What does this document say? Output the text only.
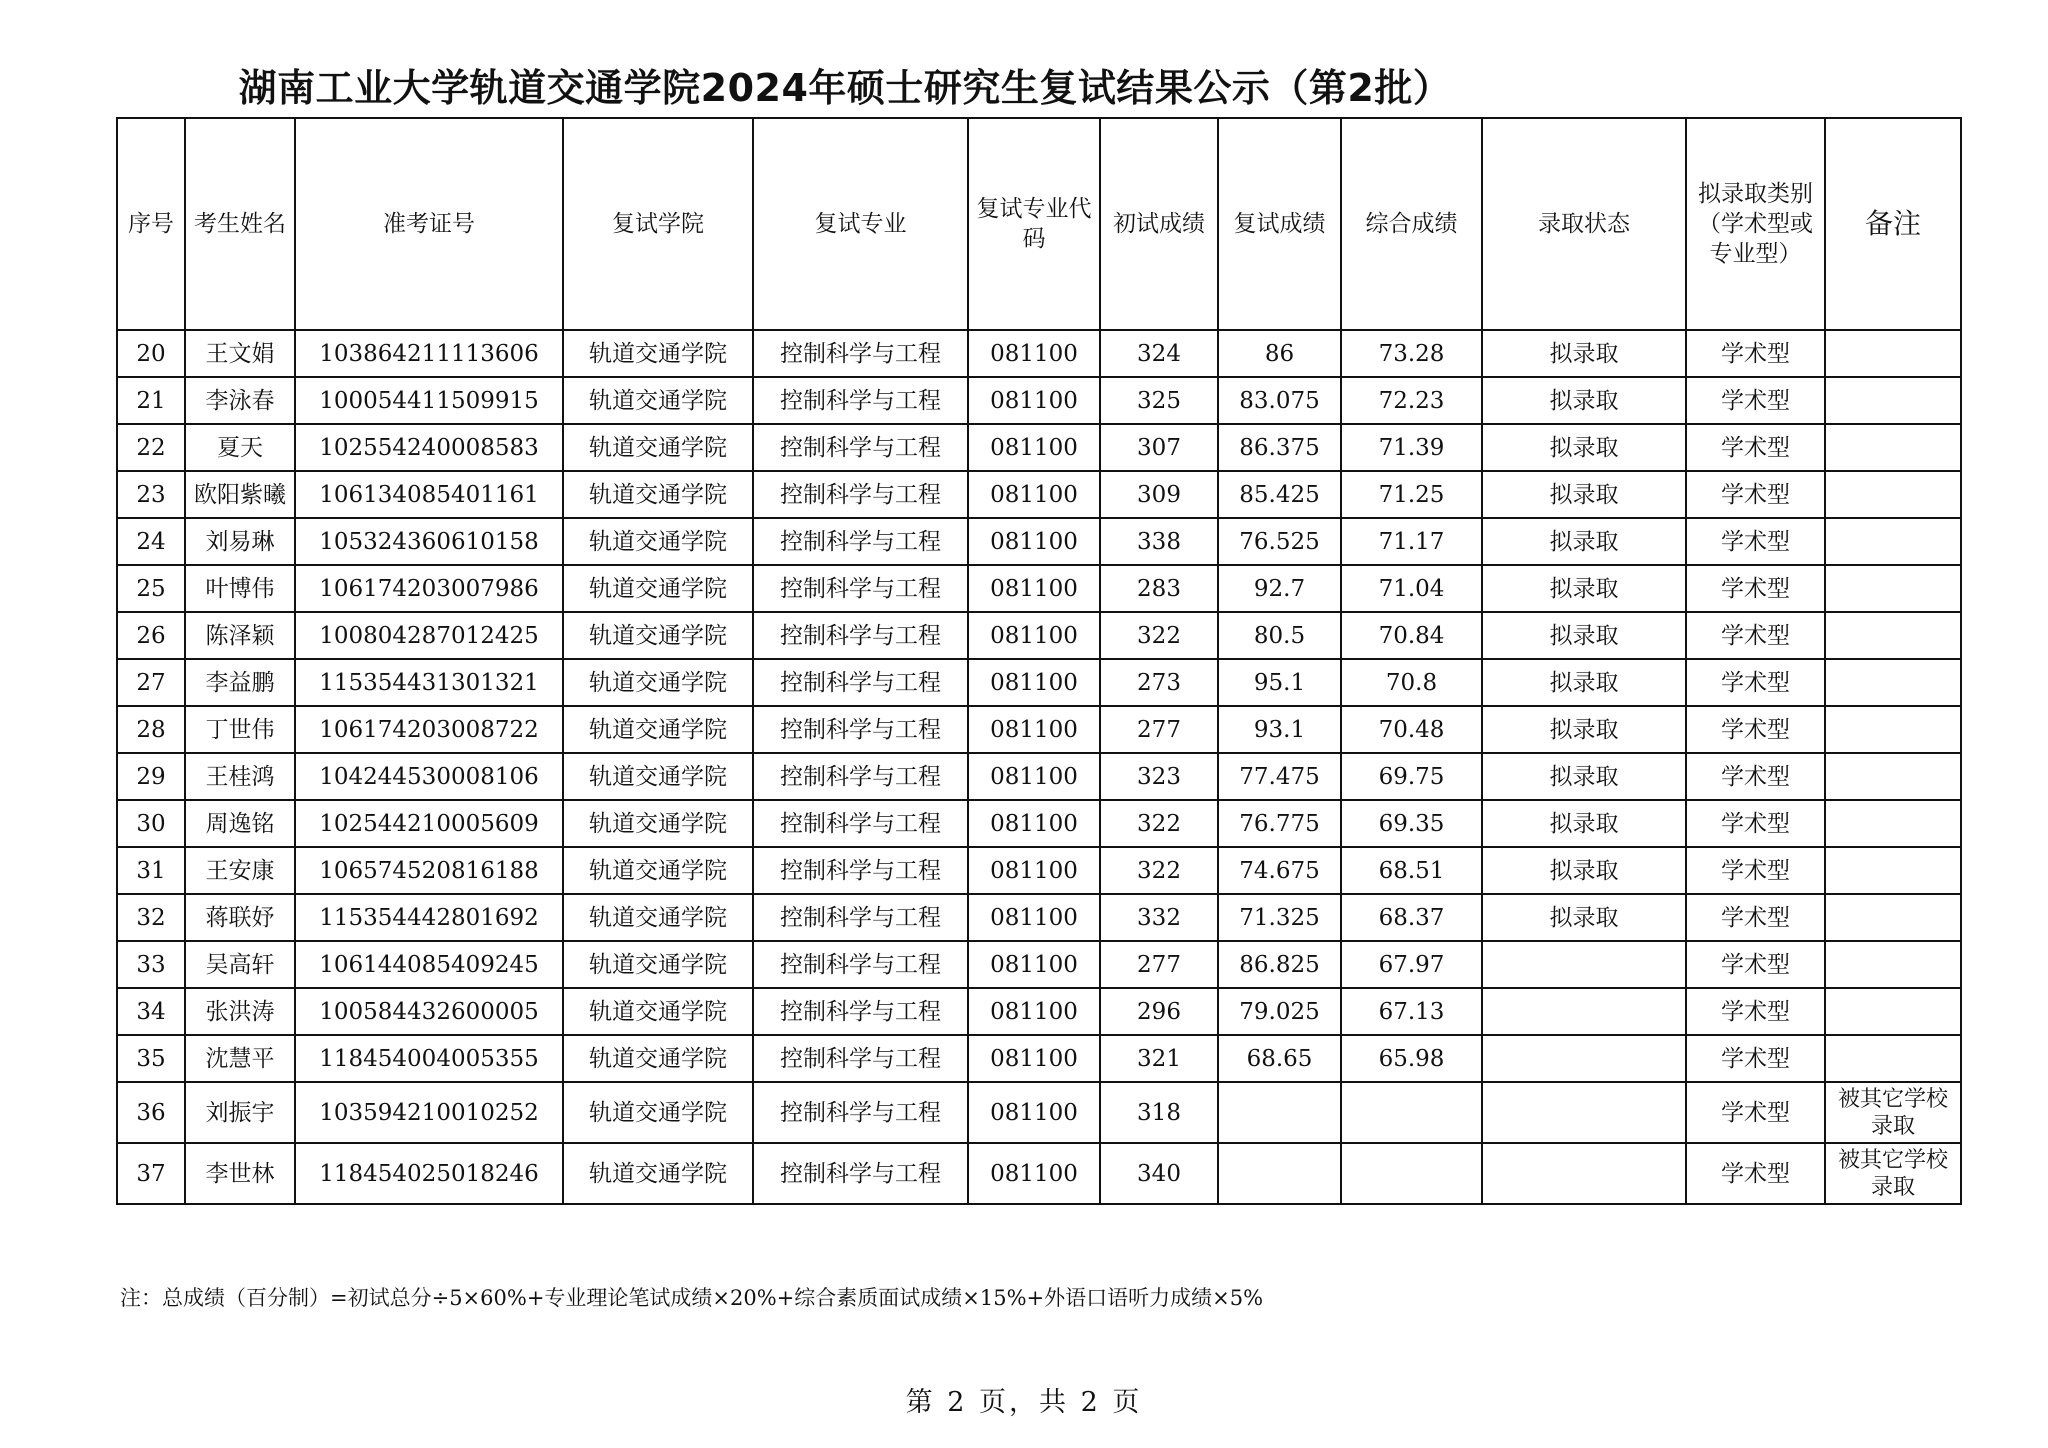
湖南工业大学轨道交通学院2024年硕士研究生复试结果公示（第2批）
序号	考生姓名	准考证号	复试学院	复试专业	复试专业代码	初试成绩	复试成绩	综合成绩	录取状态	拟录取类别（学术型或专业型）	备注
20	王文娟	103864211113606	轨道交通学院	控制科学与工程	081100	324	86	73.28	拟录取	学术型	
21	李泳春	100054411509915	轨道交通学院	控制科学与工程	081100	325	83.075	72.23	拟录取	学术型	
22	夏天	102554240008583	轨道交通学院	控制科学与工程	081100	307	86.375	71.39	拟录取	学术型	
23	欧阳紫曦	106134085401161	轨道交通学院	控制科学与工程	081100	309	85.425	71.25	拟录取	学术型	
24	刘易琳	105324360610158	轨道交通学院	控制科学与工程	081100	338	76.525	71.17	拟录取	学术型	
25	叶博伟	106174203007986	轨道交通学院	控制科学与工程	081100	283	92.7	71.04	拟录取	学术型	
26	陈泽颖	100804287012425	轨道交通学院	控制科学与工程	081100	322	80.5	70.84	拟录取	学术型	
27	李益鹏	115354431301321	轨道交通学院	控制科学与工程	081100	273	95.1	70.8	拟录取	学术型	
28	丁世伟	106174203008722	轨道交通学院	控制科学与工程	081100	277	93.1	70.48	拟录取	学术型	
29	王桂鸿	104244530008106	轨道交通学院	控制科学与工程	081100	323	77.475	69.75	拟录取	学术型	
30	周逸铭	102544210005609	轨道交通学院	控制科学与工程	081100	322	76.775	69.35	拟录取	学术型	
31	王安康	106574520816188	轨道交通学院	控制科学与工程	081100	322	74.675	68.51	拟录取	学术型	
32	蒋联妤	115354442801692	轨道交通学院	控制科学与工程	081100	332	71.325	68.37	拟录取	学术型	
33	吴高轩	106144085409245	轨道交通学院	控制科学与工程	081100	277	86.825	67.97		学术型	
34	张洪涛	100584432600005	轨道交通学院	控制科学与工程	081100	296	79.025	67.13		学术型	
35	沈慧平	118454004005355	轨道交通学院	控制科学与工程	081100	321	68.65	65.98		学术型	
36	刘振宇	103594210010252	轨道交通学院	控制科学与工程	081100	318				学术型	被其它学校录取
37	李世林	118454025018246	轨道交通学院	控制科学与工程	081100	340				学术型	被其它学校录取
注：总成绩（百分制）=初试总分÷5×60%+专业理论笔试成绩×20%+综合素质面试成绩×15%+外语口语听力成绩×5%
第 2 页，共 2 页
